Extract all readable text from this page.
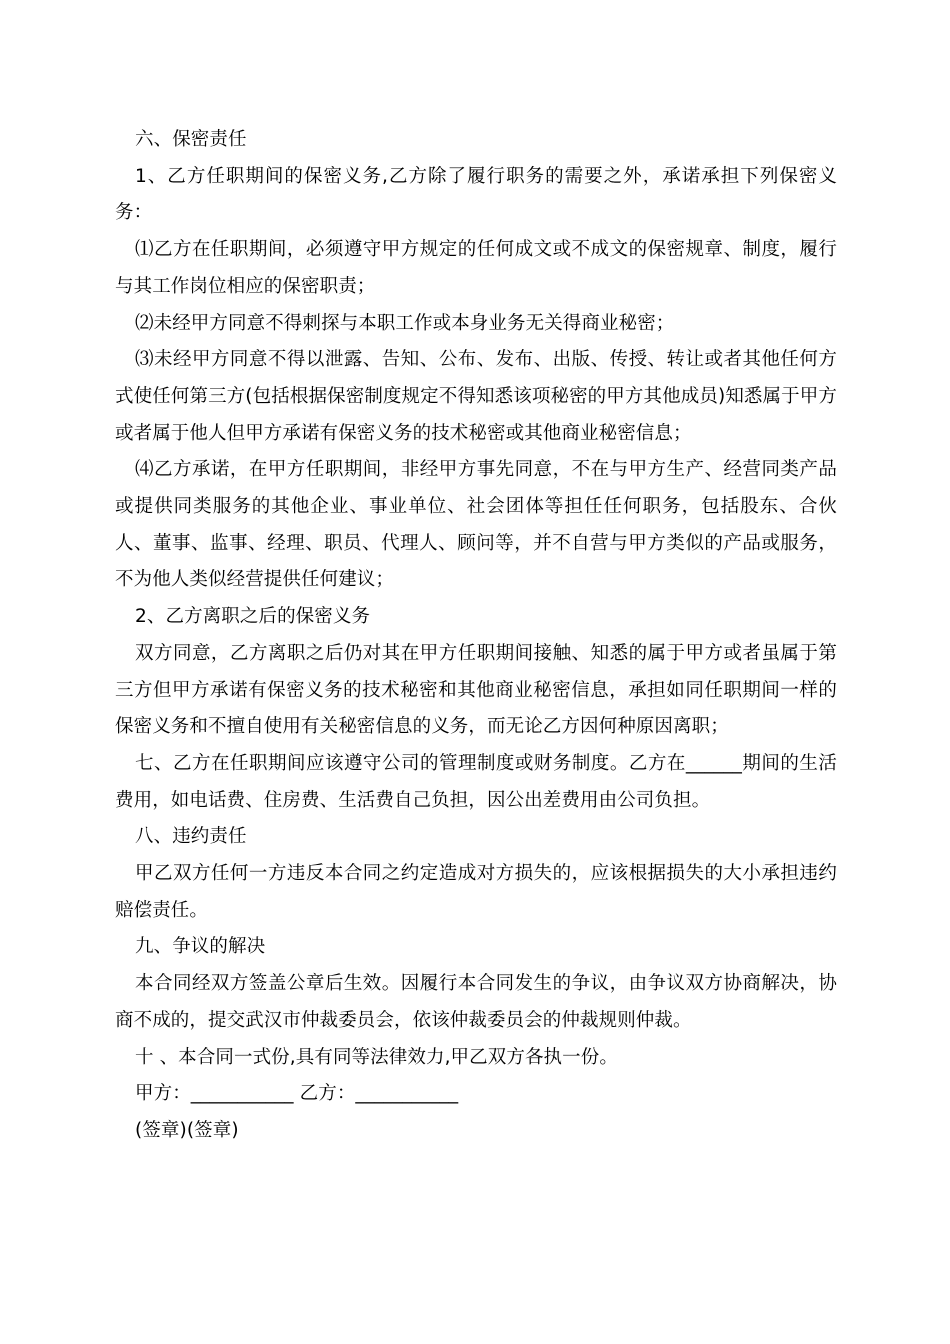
六、保密责任

1、乙方任职期间的保密义务,乙方除了履行职务的需要之外，承诺承担下列保密义务：

⑴乙方在任职期间，必须遵守甲方规定的任何成文或不成文的保密规章、制度，履行与其工作岗位相应的保密职责；

⑵未经甲方同意不得刺探与本职工作或本身业务无关得商业秘密；

⑶未经甲方同意不得以泄露、告知、公布、发布、出版、传授、转让或者其他任何方式使任何第三方(包括根据保密制度规定不得知悉该项秘密的甲方其他成员)知悉属于甲方或者属于他人但甲方承诺有保密义务的技术秘密或其他商业秘密信息；

⑷乙方承诺，在甲方任职期间，非经甲方事先同意，不在与甲方生产、经营同类产品或提供同类服务的其他企业、事业单位、社会团体等担任任何职务，包括股东、合伙人、董事、监事、经理、职员、代理人、顾问等，并不自营与甲方类似的产品或服务，不为他人类似经营提供任何建议；

2、乙方离职之后的保密义务

双方同意，乙方离职之后仍对其在甲方任职期间接触、知悉的属于甲方或者虽属于第三方但甲方承诺有保密义务的技术秘密和其他商业秘密信息，承担如同任职期间一样的保密义务和不擅自使用有关秘密信息的义务，而无论乙方因何种原因离职；

七、乙方在任职期间应该遵守公司的管理制度或财务制度。乙方在______期间的生活费用，如电话费、住房费、生活费自己负担，因公出差费用由公司负担。

八、违约责任

甲乙双方任何一方违反本合同之约定造成对方损失的，应该根据损失的大小承担违约赔偿责任。

九、争议的解决

本合同经双方签盖公章后生效。因履行本合同发生的争议，由争议双方协商解决，协商不成的，提交武汉市仲裁委员会，依该仲裁委员会的仲裁规则仲裁。

十 、本合同一式份,具有同等法律效力,甲乙双方各执一份。

甲方：___________ 乙方：___________

(签章)(签章)
